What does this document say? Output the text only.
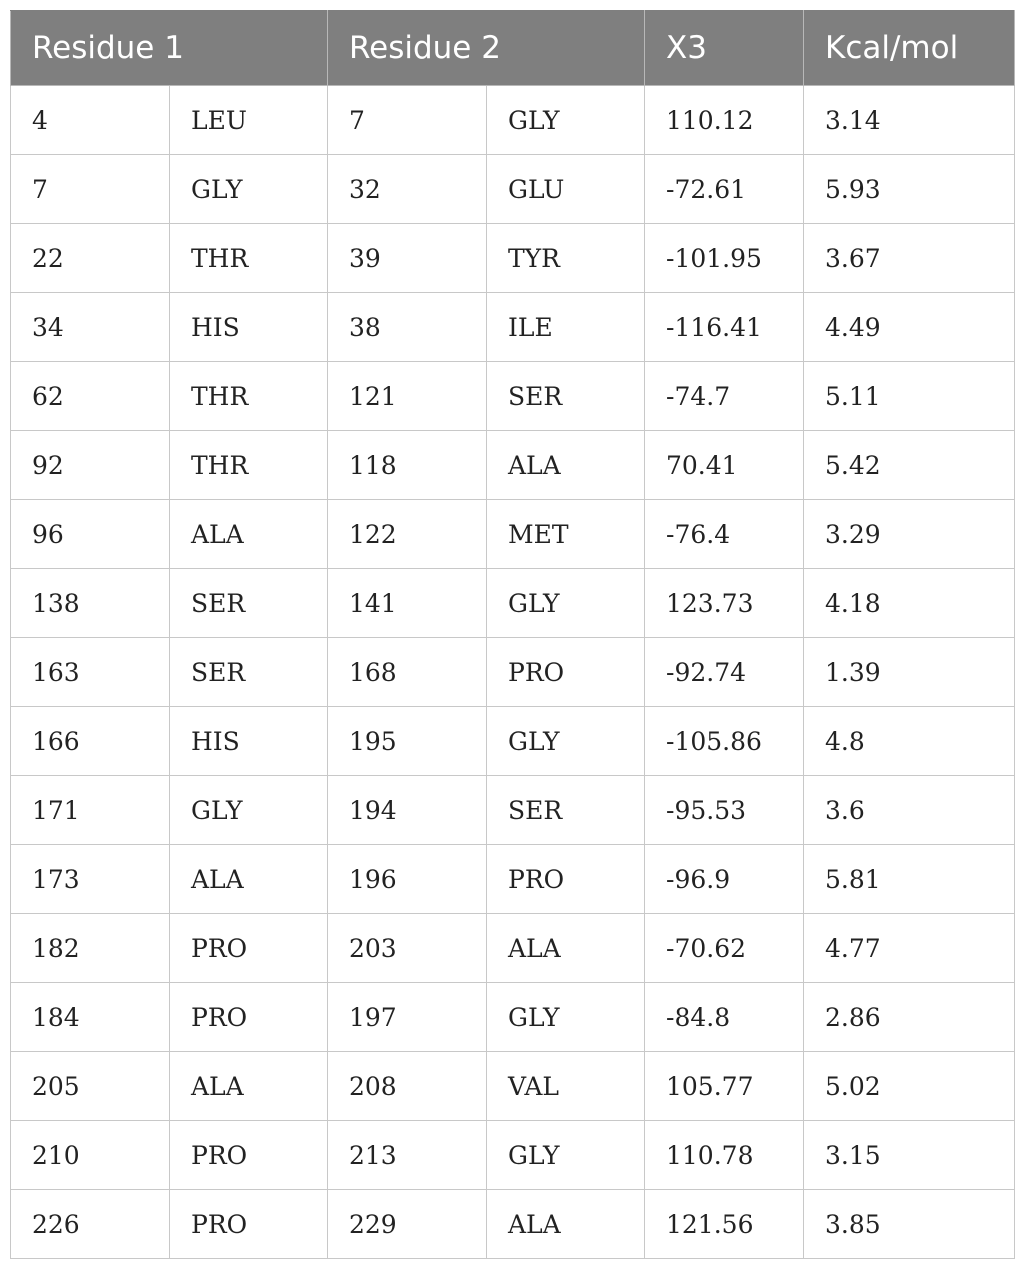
Residue 1		Residue 2		X3	Kcal/mol
4	LEU	7	GLY	110.12	3.14
7	GLY	32	GLU	-72.61	5.93
22	THR	39	TYR	-101.95	3.67
34	HIS	38	ILE	-116.41	4.49
62	THR	121	SER	-74.7	5.11
92	THR	118	ALA	70.41	5.42
96	ALA	122	MET	-76.4	3.29
138	SER	141	GLY	123.73	4.18
163	SER	168	PRO	-92.74	1.39
166	HIS	195	GLY	-105.86	4.8
171	GLY	194	SER	-95.53	3.6
173	ALA	196	PRO	-96.9	5.81
182	PRO	203	ALA	-70.62	4.77
184	PRO	197	GLY	-84.8	2.86
205	ALA	208	VAL	105.77	5.02
210	PRO	213	GLY	110.78	3.15
226	PRO	229	ALA	121.56	3.85
